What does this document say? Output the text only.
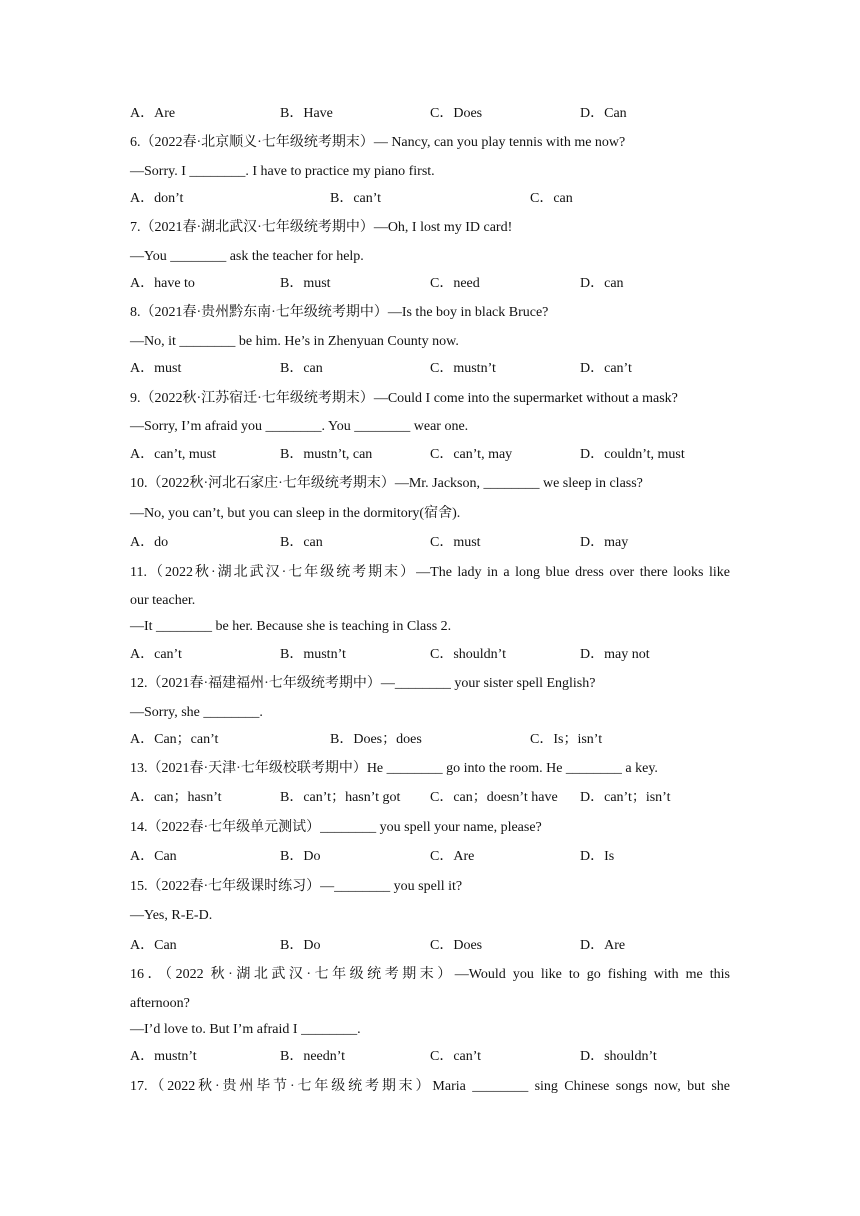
A．Are	B．Have	C．Does	D．Can
6.（2022春·北京顺义·七年级统考期末）— Nancy, can you play tennis with me now?
—Sorry. I ________. I have to practice my piano first.
A．don’t	B．can’t	C．can
7.（2021春·湖北武汉·七年级统考期中）—Oh, I lost my ID card!
—You ________ ask the teacher for help.
A．have to	B．must	C．need	D．can
8.（2021春·贵州黔东南·七年级统考期中）—Is the boy in black Bruce?
—No, it ________ be him. He’s in Zhenyuan County now.
A．must	B．can	C．mustn’t	D．can’t
9.（2022秋·江苏宿迁·七年级统考期末）—Could I come into the supermarket without a mask?
—Sorry, I’m afraid you ________. You ________ wear one.
A．can’t, must	B．mustn’t, can	C．can’t, may	D．couldn’t, must
10.（2022秋·河北石家庄·七年级统考期末）—Mr. Jackson, ________ we sleep in class?
—No, you can’t, but you can sleep in the dormitory(宿舍).
A．do	B．can	C．must	D．may
11.（2022秋·湖北武汉·七年级统考期末）—The lady in a long blue dress over there looks like
our teacher.
—It ________ be her. Because she is teaching in Class 2.
A．can’t	B．mustn’t	C．shouldn’t	D．may not
12.（2021春·福建福州·七年级统考期中）—________ your sister spell English?
—Sorry, she ________.
A．Can；can’t	B．Does；does	C．Is；isn’t
13.（2021春·天津·七年级校联考期中）He ________ go into the room. He ________ a key.
A．can；hasn’t	B．can’t；hasn’t got C．can；doesn’t have D．can’t；isn’t
14.（2022春·七年级单元测试）________ you spell your name, please?
A．Can	B．Do	C．Are	D．Is
15.（2022春·七年级课时练习）—________ you spell it?
—Yes, R-E-D.
A．Can	B．Do	C．Does	D．Are
16．（2022 秋·湖北武汉·七年级统考期末）—Would you like to go fishing with me this
afternoon?
—I’d love to. But I’m afraid I ________.
A．mustn’t	B．needn’t	C．can’t	D．shouldn’t
17.（2022秋·贵州毕节·七年级统考期末）Maria ________ sing Chinese songs now, but she
